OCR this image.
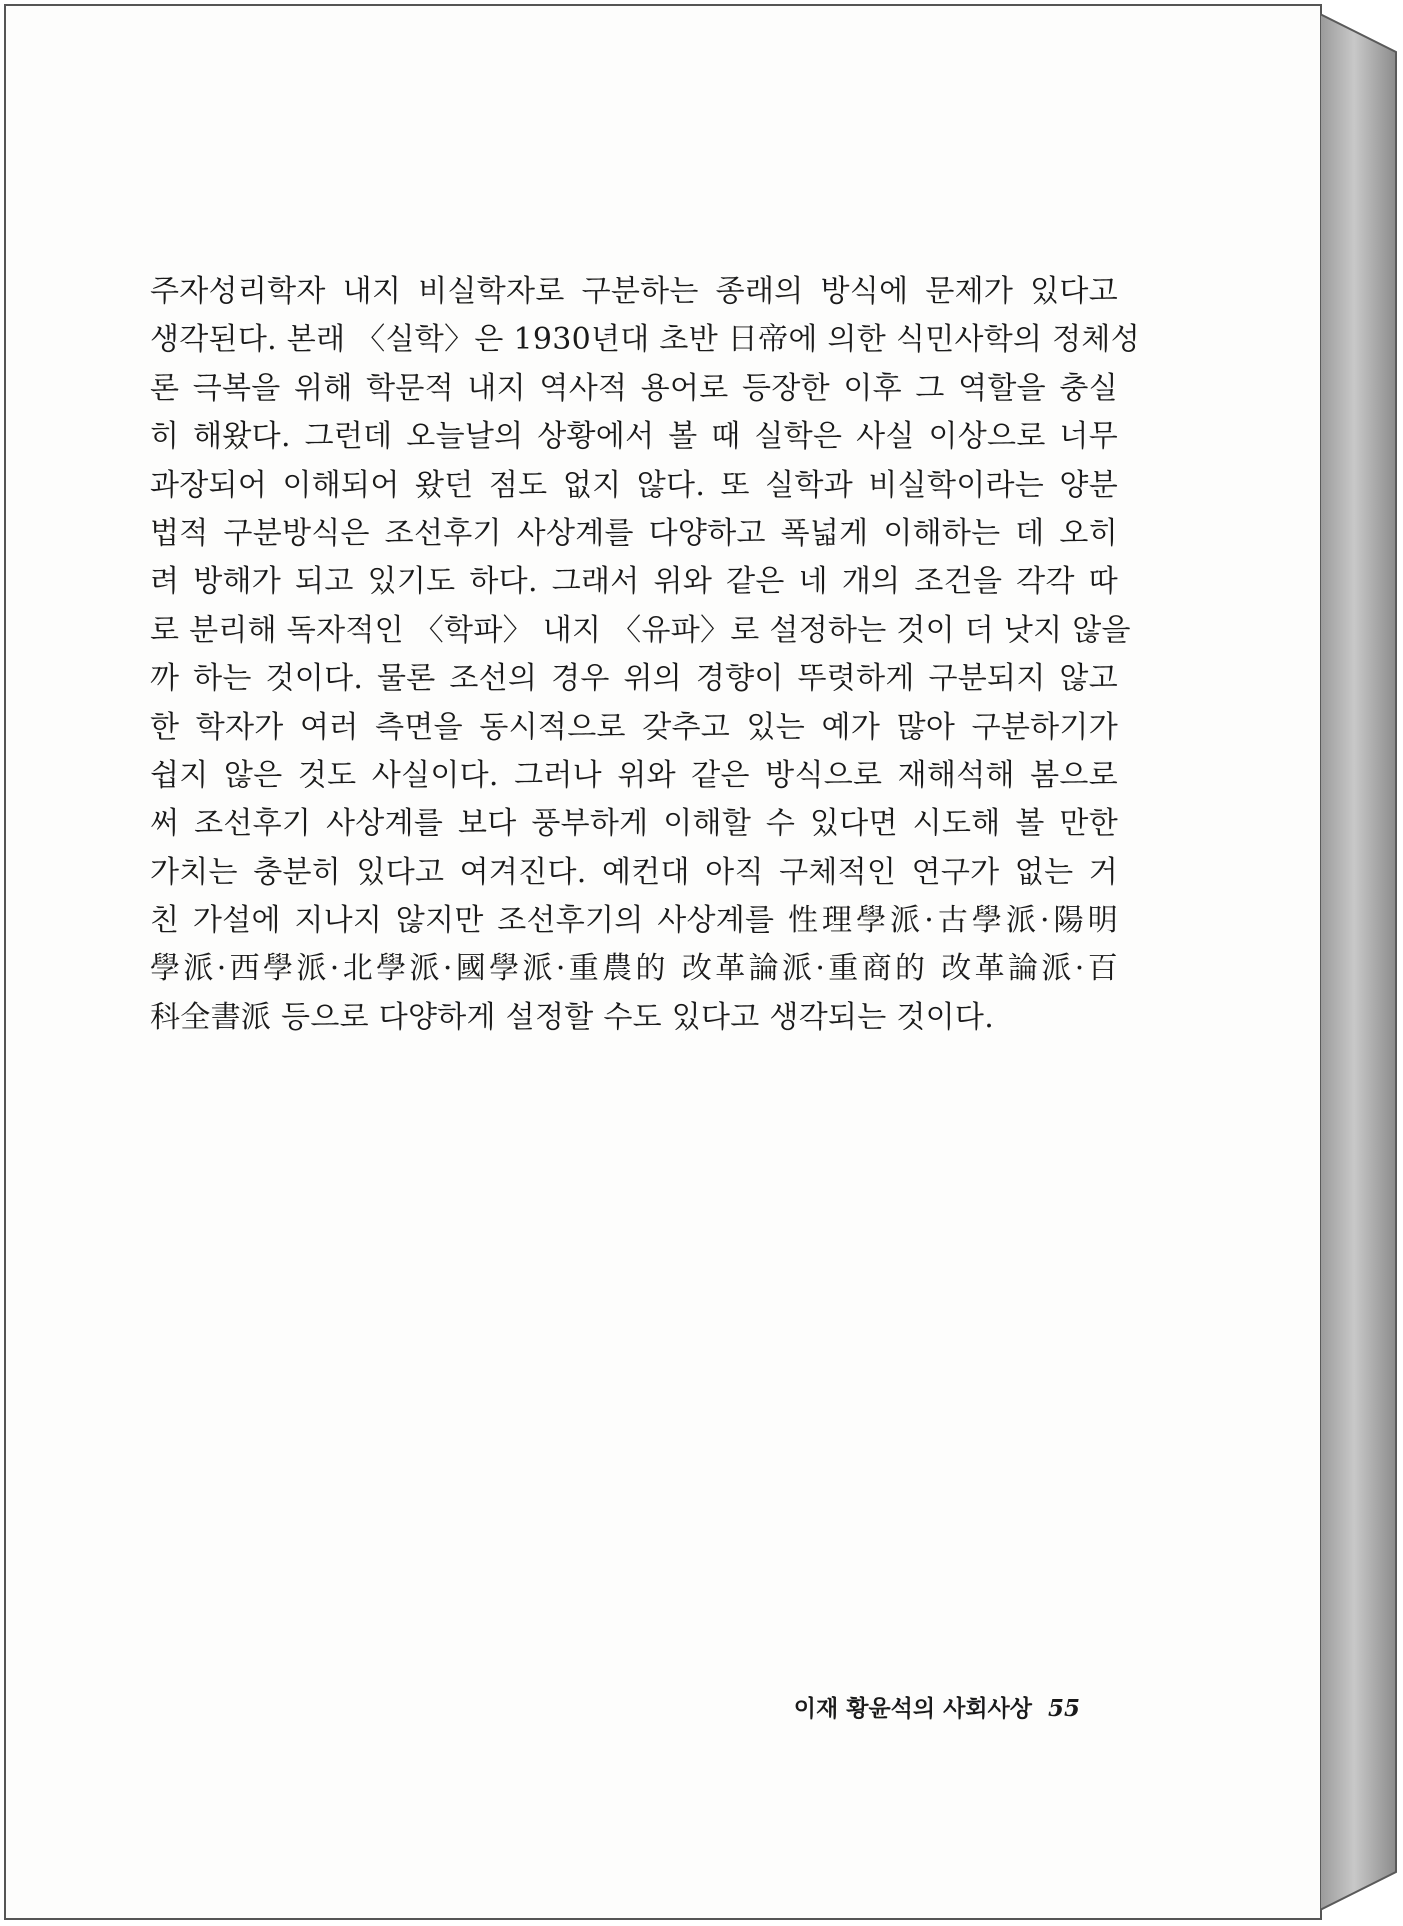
주자성리학자 내지 비실학자로 구분하는 종래의 방식에 문제가 있다고
생각된다. 본래 〈실학〉은 1930년대 초반 日帝에 의한 식민사학의 정체성
론 극복을 위해 학문적 내지 역사적 용어로 등장한 이후 그 역할을 충실
히 해왔다. 그런데 오늘날의 상황에서 볼 때 실학은 사실 이상으로 너무
과장되어 이해되어 왔던 점도 없지 않다. 또 실학과 비실학이라는 양분
법적 구분방식은 조선후기 사상계를 다양하고 폭넓게 이해하는 데 오히
려 방해가 되고 있기도 하다. 그래서 위와 같은 네 개의 조건을 각각 따
로 분리해 독자적인 〈학파〉 내지 〈유파〉로 설정하는 것이 더 낫지 않을
까 하는 것이다. 물론 조선의 경우 위의 경향이 뚜렷하게 구분되지 않고
한 학자가 여러 측면을 동시적으로 갖추고 있는 예가 많아 구분하기가
쉽지 않은 것도 사실이다. 그러나 위와 같은 방식으로 재해석해 봄으로
써 조선후기 사상계를 보다 풍부하게 이해할 수 있다면 시도해 볼 만한
가치는 충분히 있다고 여겨진다. 예컨대 아직 구체적인 연구가 없는 거
친 가설에 지나지 않지만 조선후기의 사상계를 性理學派·古學派·陽明
學派·西學派·北學派·國學派·重農的 改革論派·重商的 改革論派·百
科全書派 등으로 다양하게 설정할 수도 있다고 생각되는 것이다.
이재 황윤석의 사회사상 55
